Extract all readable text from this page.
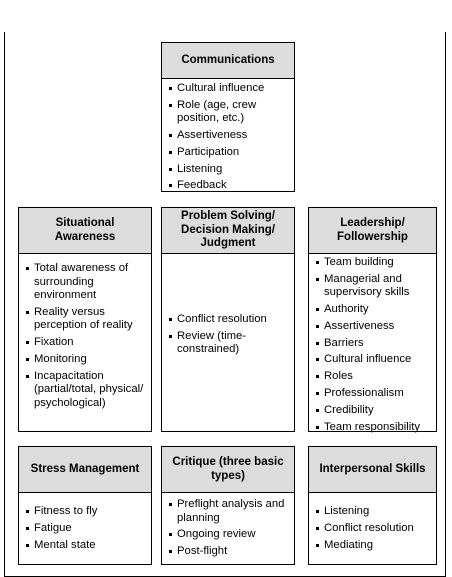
Communications
Cultural influence
Role (age, crew position, etc.)
Assertiveness
Participation
Listening
Feedback
Situational Awareness
Total awareness of surrounding environment
Reality versus perception of reality
Fixation
Monitoring
Incapacitation (partial/total, physical/ psychological)
Problem Solving/ Decision Making/ Judgment
Conflict resolution
Review (time-constrained)
Leadership/ Followership
Team building
Managerial and supervisory skills
Authority
Assertiveness
Barriers
Cultural influence
Roles
Professionalism
Credibility
Team responsibility
Stress Management
Fitness to fly
Fatigue
Mental state
Critique (three basic types)
Preflight analysis and planning
Ongoing review
Post-flight
Interpersonal Skills
Listening
Conflict resolution
Mediating
